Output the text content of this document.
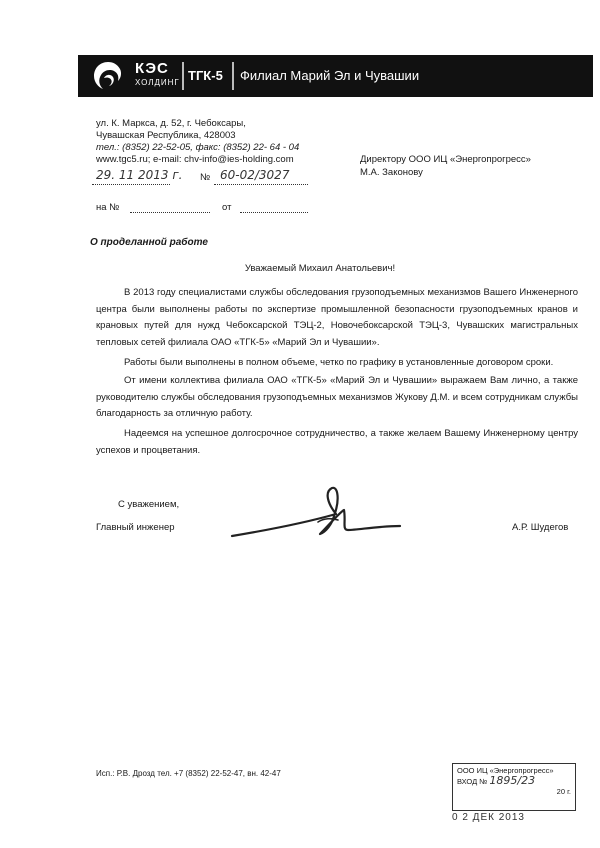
КЭС
ХОЛДИНГ ТГК-5 Филиал Марий Эл и Чувашии
ул. К. Маркса, д. 52, г. Чебоксары,
Чувашская Республика, 428003
тел.: (8352) 22-52-05, факс: (8352) 22- 64 - 04
www.tgc5.ru; e-mail: chv-info@ies-holding.com
29. 11 2013 г. № 60-02/3027
на №	от
Директору ООО ИЦ «Энергопрогресс»
М.А. Законову
О проделанной работе
Уважаемый Михаил Анатольевич!
В 2013 году специалистами службы обследования грузоподъемных механизмов Вашего Инженерного центра были выполнены работы по экспертизе промышленной безопасности грузоподъемных кранов и крановых путей для нужд Чебоксарской ТЭЦ-2, Новочебоксарской ТЭЦ-3, Чувашских магистральных тепловых сетей филиала ОАО «ТГК-5» «Марий Эл и Чувашии».
Работы были выполнены в полном объеме, четко по графику в установленные договором сроки.
От имени коллектива филиала ОАО «ТГК-5» «Марий Эл и Чувашии» выражаем Вам лично, а также руководителю службы обследования грузоподъемных механизмов Жукову Д.М. и всем сотрудникам службы благодарность за отличную работу.
Надеемся на успешное долгосрочное сотрудничество, а также желаем Вашему Инженерному центру успехов и процветания.
С уважением,
Главный инженер	А.Р. Шудегов
Исп.: Р.В. Дрозд тел. +7 (8352) 22-52-47, вн. 42-47	ООО ИЦ «Энергопрогресс»
ВХОД № 1895/23
20 г.
0 2 ДЕК 2013
